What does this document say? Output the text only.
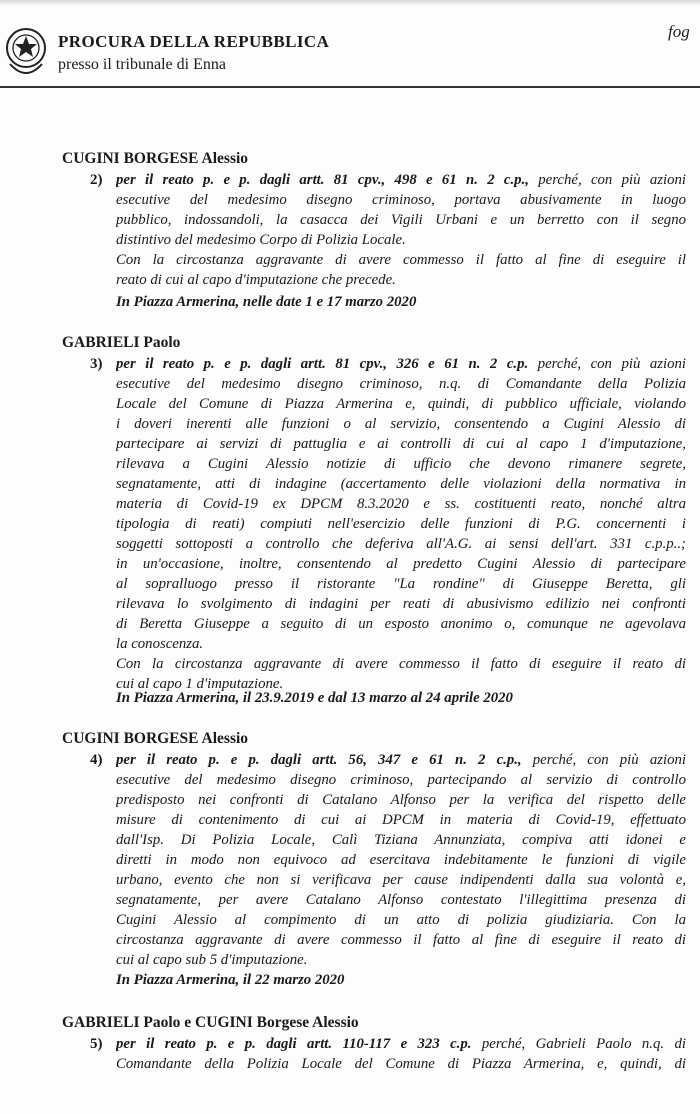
PROCURA DELLA REPUBBLICA
presso il tribunale di Enna
fog
CUGINI BORGESE Alessio
2) per il reato p. e p. dagli artt. 81 cpv., 498 e 61 n. 2 c.p., perché, con più azioni
esecutive del medesimo disegno criminoso, portava abusivamente in luogo
pubblico, indossandoli, la casacca dei Vigili Urbani e un berretto con il segno
distintivo del medesimo Corpo di Polizia Locale.
Con la circostanza aggravante di avere commesso il fatto al fine di eseguire il
reato di cui al capo d'imputazione che precede.
In Piazza Armerina, nelle date 1 e 17 marzo 2020
GABRIELI Paolo
3) per il reato p. e p. dagli artt. 81 cpv., 326 e 61 n. 2 c.p. perché, con più azioni
esecutive del medesimo disegno criminoso, n.q. di Comandante della Polizia
Locale del Comune di Piazza Armerina e, quindi, di pubblico ufficiale, violando
i doveri inerenti alle funzioni o al servizio, consentendo a Cugini Alessio di
partecipare ai servizi di pattuglia e ai controlli di cui al capo 1 d'imputazione,
rilevava a Cugini Alessio notizie di ufficio che devono rimanere segrete,
segnatamente, atti di indagine (accertamento delle violazioni della normativa in
materia di Covid-19 ex DPCM 8.3.2020 e ss. costituenti reato, nonché altra
tipologia di reati) compiuti nell'esercizio delle funzioni di P.G. concernenti i
soggetti sottoposti a controllo che deferiva all'A.G. ai sensi dell'art. 331 c.p.p..;
in un'occasione, inoltre, consentendo al predetto Cugini Alessio di partecipare
al sopralluogo presso il ristorante "La rondine" di Giuseppe Beretta, gli
rilevava lo svolgimento di indagini per reati di abusivismo edilizio nei confronti
di Beretta Giuseppe a seguito di un esposto anonimo o, comunque ne agevolava
la conoscenza.
Con la circostanza aggravante di avere commesso il fatto di eseguire il reato di
cui al capo 1 d'imputazione.
In Piazza Armerina, il 23.9.2019 e dal 13 marzo al 24 aprile 2020
CUGINI BORGESE Alessio
4) per il reato p. e p. dagli artt. 56, 347 e 61 n. 2 c.p., perché, con più azioni
esecutive del medesimo disegno criminoso, partecipando al servizio di controllo
predisposto nei confronti di Catalano Alfonso per la verifica del rispetto delle
misure di contenimento di cui ai DPCM in materia di Covid-19, effettuato
dall'Isp. Di Polizia Locale, Calì Tiziana Annunziata, compiva atti idonei e
diretti in modo non equivoco ad esercitava indebitamente le funzioni di vigile
urbano, evento che non si verificava per cause indipendenti dalla sua volontà e,
segnatamente, per avere Catalano Alfonso contestato l'illegittima presenza di
Cugini Alessio al compimento di un atto di polizia giudiziaria. Con la
circostanza aggravante di avere commesso il fatto al fine di eseguire il reato di
cui al capo sub 5 d'imputazione.
In Piazza Armerina, il 22 marzo 2020
GABRIELI Paolo e CUGINI Borgese Alessio
5) per il reato p. e p. dagli artt. 110-117 e 323 c.p. perché, Gabrieli Paolo n.q. di
Comandante della Polizia Locale del Comune di Piazza Armerina, e, quindi, di
